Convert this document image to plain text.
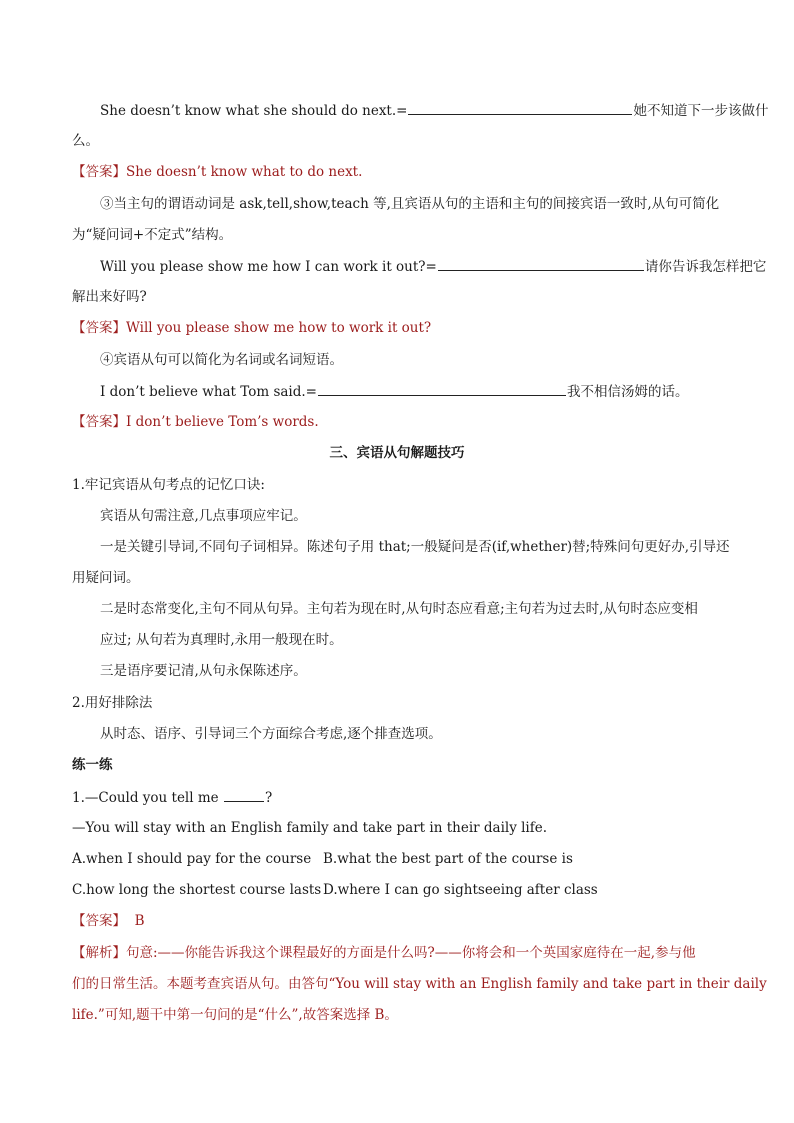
She doesn’t know what she should do next.=	她不知道下一步该做什
么。
【答案】She doesn’t know what to do next.
③当主句的谓语动词是 ask,tell,show,teach 等,且宾语从句的主语和主句的间接宾语一致时,从句可简化
为“疑问词+不定式”结构。
Will you please show me how I can work it out?=	请你告诉我怎样把它
解出来好吗?
【答案】Will you please show me how to work it out?
④宾语从句可以简化为名词或名词短语。
I don’t believe what Tom said.=	我不相信汤姆的话。
【答案】I don’t believe Tom’s words.
三、宾语从句解题技巧
1.牢记宾语从句考点的记忆口诀:
宾语从句需注意,几点事项应牢记。
一是关键引导词,不同句子词相异。陈述句子用 that;一般疑问是否(if,whether)替;特殊问句更好办,引导还
用疑问词。
二是时态常变化,主句不同从句异。主句若为现在时,从句时态应看意;主句若为过去时,从句时态应变相
应过; 从句若为真理时,永用一般现在时。
三是语序要记清,从句永保陈述序。
2.用好排除法
从时态、语序、引导词三个方面综合考虑,逐个排查选项。
练一练
1.—Could you tell me	?
—You will stay with an English family and take part in their daily life.
A.when I should pay for the course B.what the best part of the course is
C.how long the shortest course lasts D.where I can go sightseeing after class
【答案】 B
【解析】句意:——你能告诉我这个课程最好的方面是什么吗?——你将会和一个英国家庭待在一起,参与他
们的日常生活。本题考查宾语从句。由答句“You will stay with an English family and take part in their daily
life.”可知,题干中第一句问的是“什么”,故答案选择 B。
